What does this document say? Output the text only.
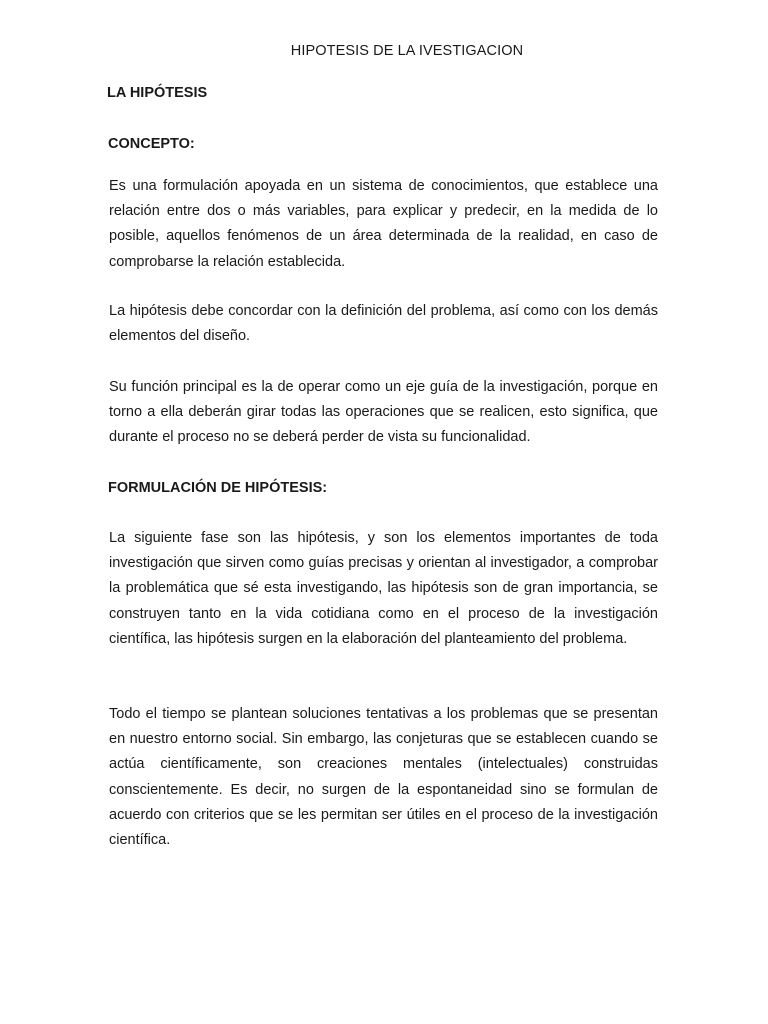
HIPOTESIS DE LA IVESTIGACION
LA HIPÓTESIS
CONCEPTO:

Es una formulación apoyada en un sistema de conocimientos, que establece una relación entre dos o más variables, para explicar y predecir, en la medida de lo posible, aquellos fenómenos de un área determinada de la realidad, en caso de comprobarse la relación establecida.

La hipótesis debe concordar con la definición del problema, así como con los demás elementos del diseño.

Su función principal es la de operar como un eje guía de la investigación, porque en torno a ella deberán girar todas las operaciones que se realicen, esto significa, que durante el proceso no se deberá perder de vista su funcionalidad.

FORMULACIÓN DE HIPÓTESIS:

La siguiente fase son las hipótesis, y son los elementos importantes de toda investigación que sirven como guías precisas y orientan al investigador, a comprobar la problemática que sé esta investigando, las hipótesis son de gran importancia, se construyen tanto en la vida cotidiana como en el proceso de la investigación científica, las hipótesis surgen en la elaboración del planteamiento del problema.

Todo el tiempo se plantean soluciones tentativas a los problemas que se presentan en nuestro entorno social. Sin embargo, las conjeturas que se establecen cuando se actúa científicamente, son creaciones mentales (intelectuales) construidas conscientemente. Es decir, no surgen de la espontaneidad sino se formulan de acuerdo con criterios que se les permitan ser útiles en el proceso de la investigación científica.
